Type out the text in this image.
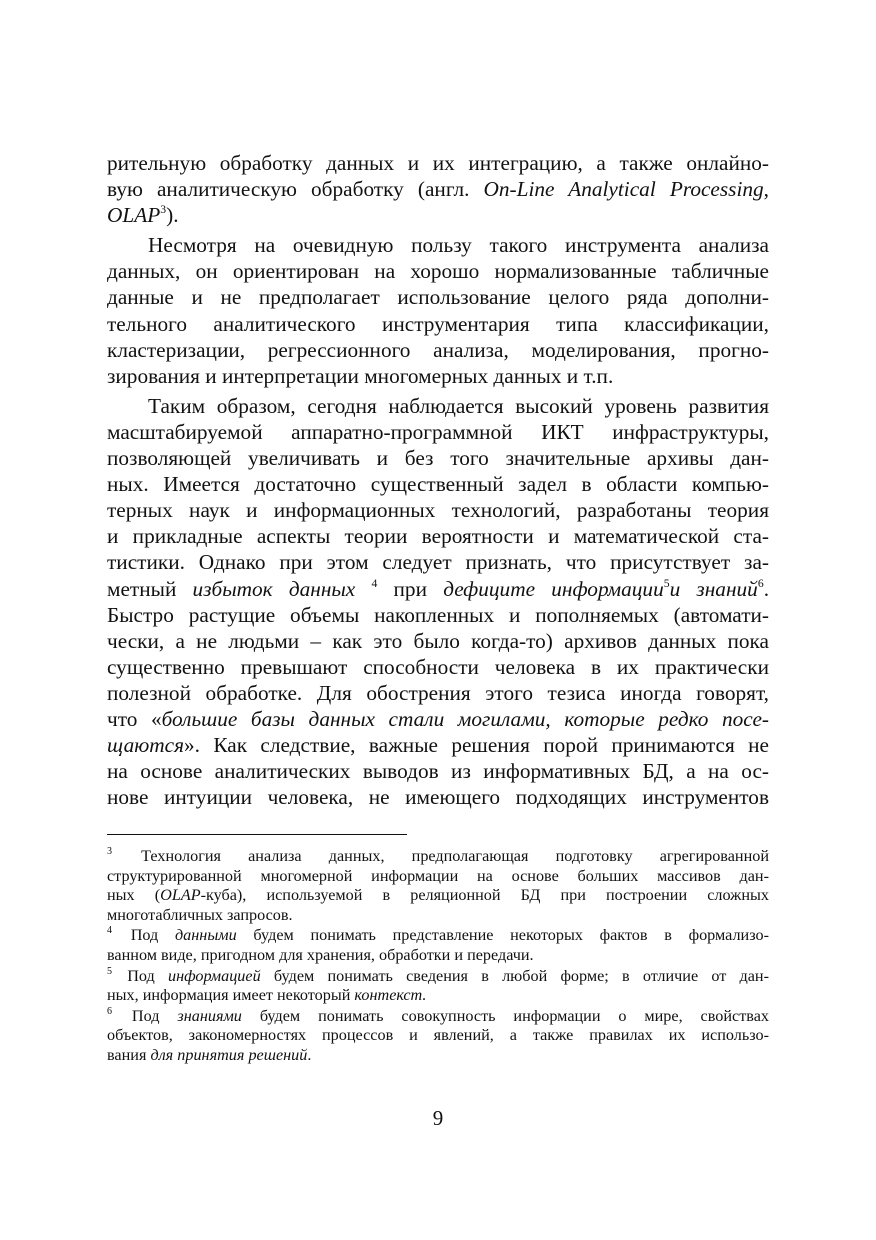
рительную обработку данных и их интеграцию, а также онлайно-
вую аналитическую обработку (англ. On-Line Analytical Processing,
OLAP$^3$).

Несмотря на очевидную пользу такого инструмента анализа
данных, он ориентирован на хорошо нормализованные табличные
данные и не предполагает использование целого ряда дополни-
тельного аналитического инструментария типа классификации,
кластеризации, регрессионного анализа, моделирования, прогно-
зирования и интерпретации многомерных данных и т.п.

Таким образом, сегодня наблюдается высокий уровень развития
масштабируемой аппаратно-программной ИКТ инфраструктуры,
позволяющей увеличивать и без того значительные архивы дан-
ных. Имеется достаточно существенный задел в области компью-
терных наук и информационных технологий, разработаны теория
и прикладные аспекты теории вероятности и математической ста-
тистики. Однако при этом следует признать, что присутствует за-
метный избыток данных $^4$ при дефиците информации$^5$и знаний$^6$.
Быстро растущие объемы накопленных и пополняемых (автомати-
чески, а не людьми – как это было когда-то) архивов данных пока
существенно превышают способности человека в их практически
полезной обработке. Для обострения этого тезиса иногда говорят,
что «большие базы данных стали могилами, которые редко посе-
щаются». Как следствие, важные решения порой принимаются не
на основе аналитических выводов из информативных БД, а на ос-
нове интуиции человека, не имеющего подходящих инструментов

$^3$ Технология анализа данных, предполагающая подготовку агрегированной
структурированной многомерной информации на основе больших массивов дан-
ных (OLAP-куба), используемой в реляционной БД при построении сложных
многотабличных запросов.
$^4$ Под данными будем понимать представление некоторых фактов в формализо-
ванном виде, пригодном для хранения, обработки и передачи.
$^5$ Под информацией будем понимать сведения в любой форме; в отличие от дан-
ных, информация имеет некоторый контекст.
$^6$ Под знаниями будем понимать совокупность информации о мире, свойствах
объектов, закономерностях процессов и явлений, а также правилах их использо-
вания для принятия решений.
9
